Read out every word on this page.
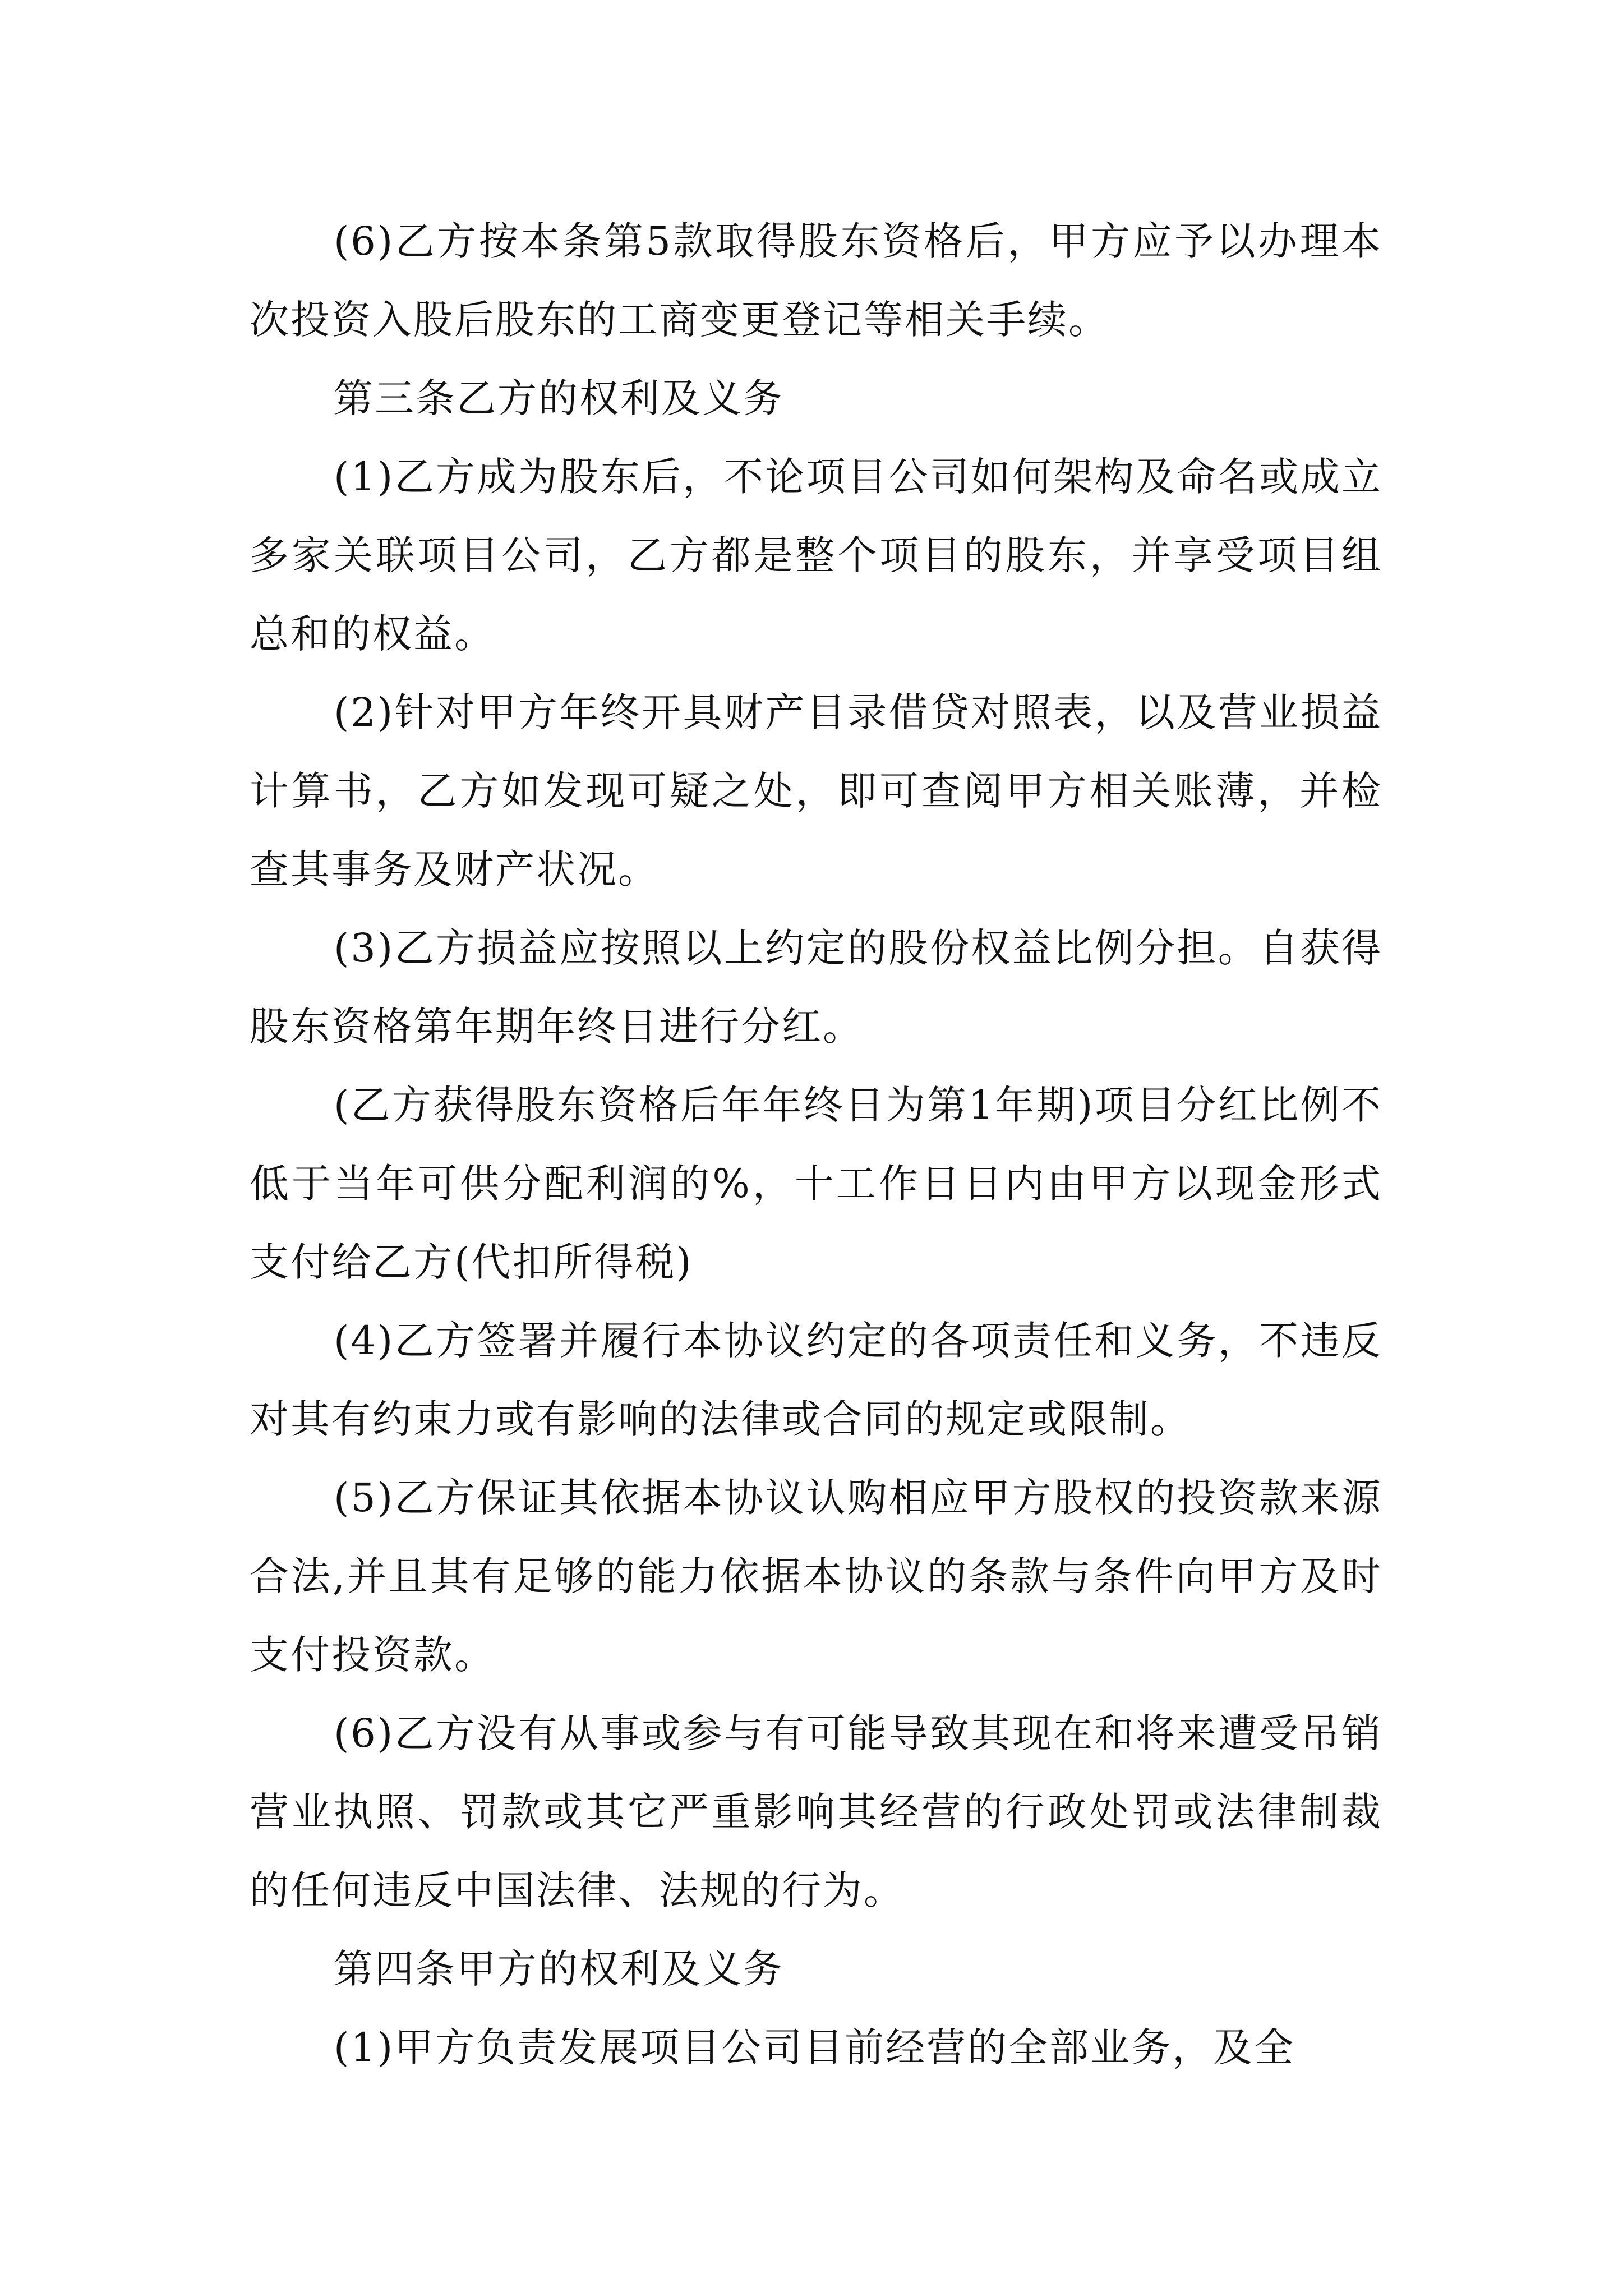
(6)乙方按本条第5款取得股东资格后，甲方应予以办理本次投资入股后股东的工商变更登记等相关手续。

第三条乙方的权利及义务

(1)乙方成为股东后，不论项目公司如何架构及命名或成立多家关联项目公司，乙方都是整个项目的股东，并享受项目组总和的权益。

(2)针对甲方年终开具财产目录借贷对照表，以及营业损益计算书，乙方如发现可疑之处，即可查阅甲方相关账薄，并检查其事务及财产状况。

(3)乙方损益应按照以上约定的股份权益比例分担。自获得股东资格第年期年终日进行分红。

(乙方获得股东资格后年年终日为第1年期)项目分红比例不低于当年可供分配利润的%，十工作日日内由甲方以现金形式支付给乙方(代扣所得税)

(4)乙方签署并履行本协议约定的各项责任和义务，不违反对其有约束力或有影响的法律或合同的规定或限制。

(5)乙方保证其依据本协议认购相应甲方股权的投资款来源合法,并且其有足够的能力依据本协议的条款与条件向甲方及时支付投资款。

(6)乙方没有从事或参与有可能导致其现在和将来遭受吊销营业执照、罚款或其它严重影响其经营的行政处罚或法律制裁的任何违反中国法律、法规的行为。

第四条甲方的权利及义务

(1)甲方负责发展项目公司目前经营的全部业务，及全
